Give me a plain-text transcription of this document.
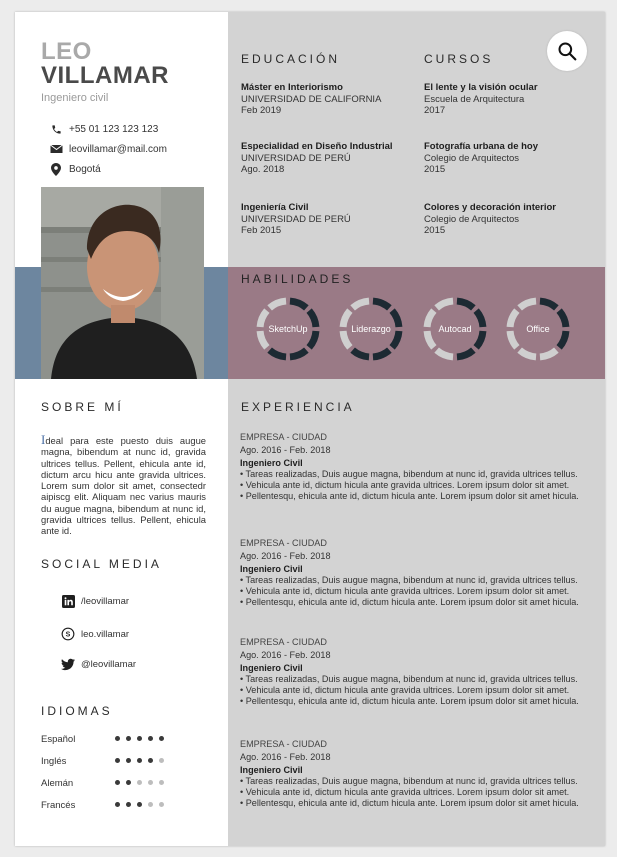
LEO
VILLAMAR
Ingeniero civil
+55 01 123 123 123
leovillamar@mail.com
Bogotá
SOBRE MÍ
Ideal para este puesto duis augue magna, bibendum at nunc id, gravida ultrices tellus. Pellent, ehicula ante id, dictum arcu hicu ante gravida ultrices. Lorem sum dolor sit amet, consectedr aipiscg elit. Aliquam nec varius mauris du augue magna, bibendum at nunc id, gravida ultrices tellus. Pellent, ehicula ante id.
SOCIAL MEDIA
/leovillamar
S leo.villamar
@leovillamar
IDIOMAS
Español
Inglés
Alemán
Francés
EDUCACIÓN	CURSOS
Máster en Interiorismo
UNIVERSIDAD DE CALIFORNIA
Feb 2019
Especialidad en Diseño Industrial
UNIVERSIDAD DE PERÚ
Ago. 2018
Ingeniería Civil
UNIVERSIDAD DE PERÚ
Feb 2015
El lente y la visión ocular
Escuela de Arquitectura
2017
Fotografía urbana de hoy
Colegio de Arquitectos
2015
Colores y decoración interior
Colegio de Arquitectos
2015
HABILIDADES
SketchUp	Liderazgo	Autocad	Office
EXPERIENCIA
EMPRESA - CIUDAD
Ago. 2016 - Feb. 2018
Ingeniero Civil
• Tareas realizadas, Duis augue magna, bibendum at nunc id, gravida ultrices tellus.
• Vehicula ante id, dictum hicula ante gravida ultrices. Lorem ipsum dolor sit amet.
• Pellentesqu, ehicula ante id, dictum hicula ante. Lorem ipsum dolor sit amet hicula.
EMPRESA - CIUDAD
Ago. 2016 - Feb. 2018
Ingeniero Civil
• Tareas realizadas, Duis augue magna, bibendum at nunc id, gravida ultrices tellus.
• Vehicula ante id, dictum hicula ante gravida ultrices. Lorem ipsum dolor sit amet.
• Pellentesqu, ehicula ante id, dictum hicula ante. Lorem ipsum dolor sit amet hicula.
EMPRESA - CIUDAD
Ago. 2016 - Feb. 2018
Ingeniero Civil
• Tareas realizadas, Duis augue magna, bibendum at nunc id, gravida ultrices tellus.
• Vehicula ante id, dictum hicula ante gravida ultrices. Lorem ipsum dolor sit amet.
• Pellentesqu, ehicula ante id, dictum hicula ante. Lorem ipsum dolor sit amet hicula.
EMPRESA - CIUDAD
Ago. 2016 - Feb. 2018
Ingeniero Civil
• Tareas realizadas, Duis augue magna, bibendum at nunc id, gravida ultrices tellus.
• Vehicula ante id, dictum hicula ante gravida ultrices. Lorem ipsum dolor sit amet.
• Pellentesqu, ehicula ante id, dictum hicula ante. Lorem ipsum dolor sit amet hicula.
